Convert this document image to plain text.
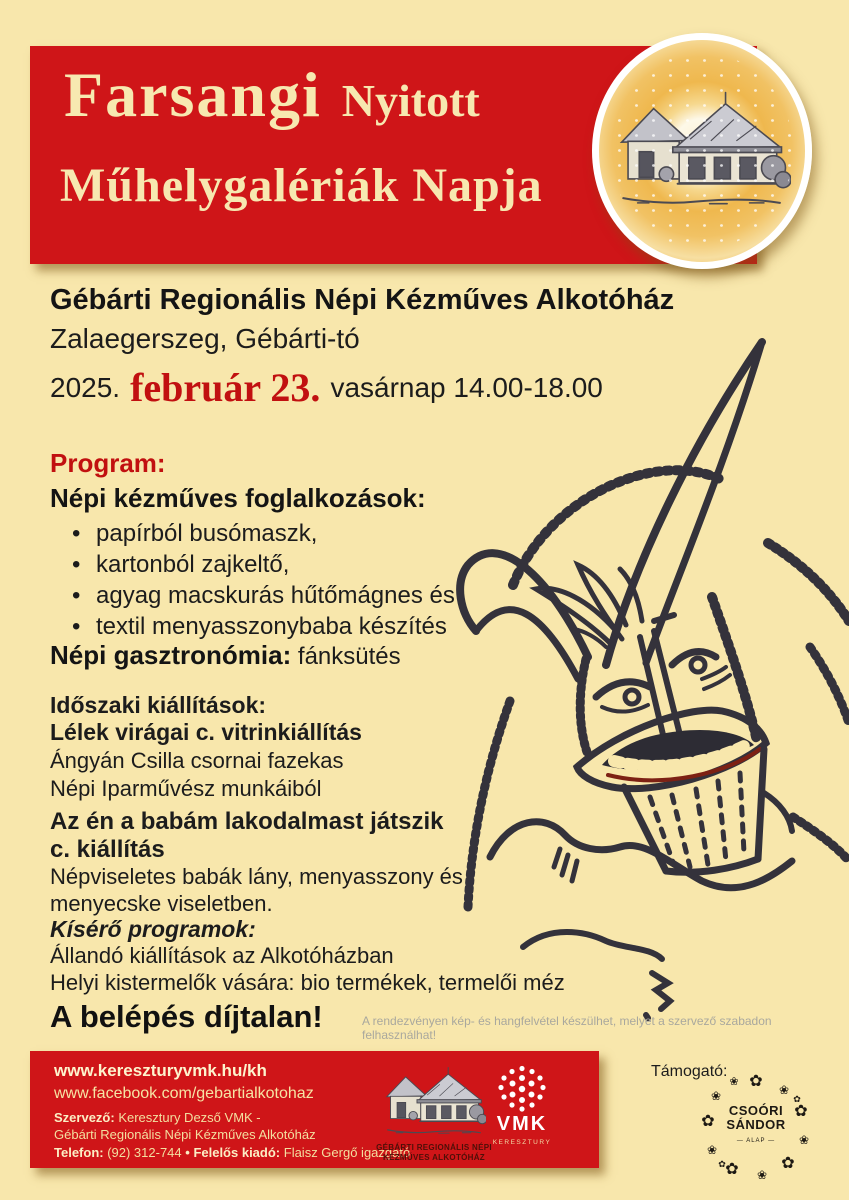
Farsangi Nyitott
Műhelygalériák Napja
Gébárti Regionális Népi Kézműves Alkotóház
Zalaegerszeg, Gébárti-tó
2025. február 23. vasárnap 14.00-18.00
Program:
Népi kézműves foglalkozások:
• papírból busómaszk,
• kartonból zajkeltő,
• agyag macskurás hűtőmágnes és
• textil menyasszonybaba készítés
Népi gasztronómia: fánksütés
Időszaki kiállítások:
Lélek virágai c. vitrinkiállítás
Ángyán Csilla csornai fazekas
Népi Iparművész munkáiból
Az én a babám lakodalmast játszik
c. kiállítás
Népviseletes babák lány, menyasszony és
menyecske viseletben.
Kísérő programok:
Állandó kiállítások az Alkotóházban
Helyi kistermelők vására: bio termékek, termelői méz
A belépés díjtalan!	A rendezvényen kép- és hangfelvétel készülhet, melyet a szervező szabadon felhasználhat!
www.kereszturyvmk.hu/kh
www.facebook.com/gebartialkotohaz
Szervező: Keresztury Dezső VMK -
Gébárti Regionális Népi Kézműves Alkotóház
Telefon: (92) 312-744 • Felelős kiadó: Flaisz Gergő igazgató
GÉBÁRTI REGIONÁLIS NÉPI
KÉZMŰVES ALKOTÓHÁZ
VMK
KERESZTURY
Támogató:
✿ ❀
✿
❀
✿
❀
✿
❀
✿
❀
❀
✿
✿
CSOÓRI
SÁNDOR
— ALAP —
